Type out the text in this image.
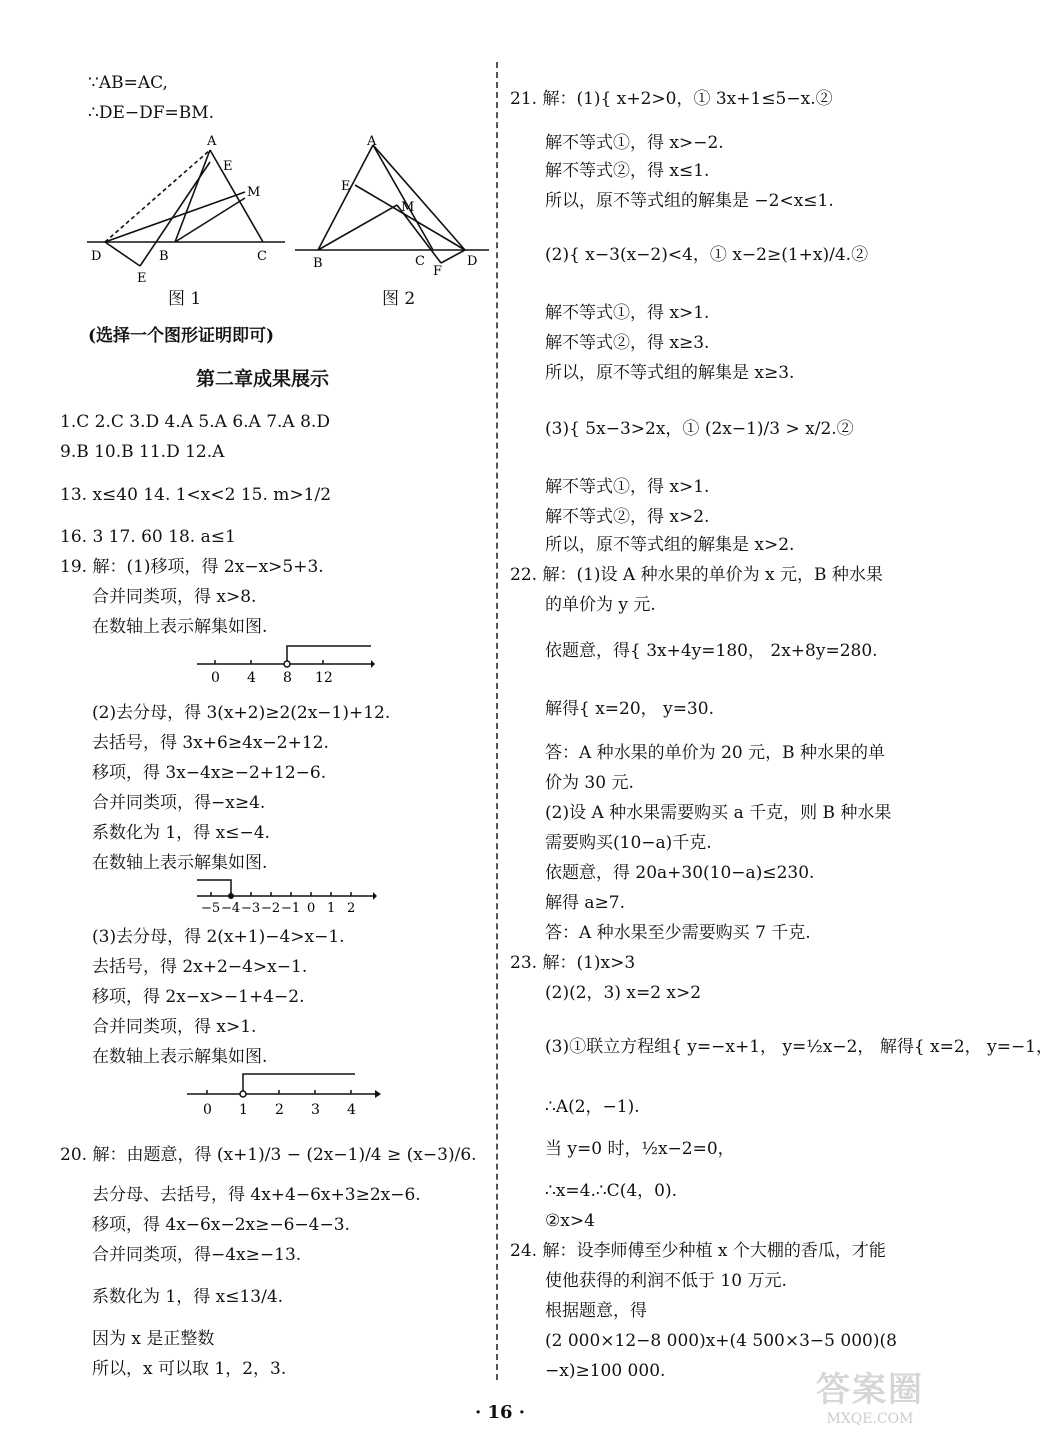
∵AB=AC,
∴DE−DF=BM.
A
E
M
D	B	C
E
图 1
A
E
M
B	C
F
D
图 2
(选择一个图形证明即可)
第二章成果展示
1.C 2.C 3.D 4.A 5.A 6.A 7.A 8.D
9.B 10.B 11.D 12.A
13. x≤40 14. 1<x<2 15. m>1/2
16. 3 17. 60 18. a≤1
19. 解：(1)移项，得 2x−x>5+3.
合并同类项，得 x>8.
在数轴上表示解集如图.
0 4 8 12
(2)去分母，得 3(x+2)≥2(2x−1)+12.
去括号，得 3x+6≥4x−2+12.
移项，得 3x−4x≥−2+12−6.
合并同类项，得−x≥4.
系数化为 1，得 x≤−4.
在数轴上表示解集如图.
−5 −4 −3 −2 −1 0 1 2
(3)去分母，得 2(x+1)−4>x−1.
去括号，得 2x+2−4>x−1.
移项，得 2x−x>−1+4−2.
合并同类项，得 x>1.
在数轴上表示解集如图.
0 1 2 3 4
20. 解：由题意，得 (x+1)/3 − (2x−1)/4 ≥ (x−3)/6.
去分母、去括号，得 4x+4−6x+3≥2x−6.
移项，得 4x−6x−2x≥−6−4−3.
合并同类项，得−4x≥−13.
系数化为 1，得 x≤13/4.
因为 x 是正整数
所以，x 可以取 1，2，3.
21. 解：(1){ x+2>0，① 3x+1≤5−x.②
解不等式①，得 x>−2.
解不等式②，得 x≤1.
所以，原不等式组的解集是 −2<x≤1.
(2){ x−3(x−2)<4，① x−2≥(1+x)/4.②
解不等式①，得 x>1.
解不等式②，得 x≥3.
所以，原不等式组的解集是 x≥3.
(3){ 5x−3>2x，① (2x−1)/3 > x/2.②
解不等式①，得 x>1.
解不等式②，得 x>2.
所以，原不等式组的解集是 x>2.
22. 解：(1)设 A 种水果的单价为 x 元，B 种水果
的单价为 y 元.
依题意，得{ 3x+4y=180， 2x+8y=280.
解得{ x=20， y=30.
答：A 种水果的单价为 20 元，B 种水果的单
价为 30 元.
(2)设 A 种水果需要购买 a 千克，则 B 种水果
需要购买(10−a)千克.
依题意，得 20a+30(10−a)≤230.
解得 a≥7.
答：A 种水果至少需要购买 7 千克.
23. 解：(1)x>3
(2)(2，3) x=2 x>2
(3)①联立方程组{ y=−x+1， y=½x−2， 解得{ x=2， y=−1，
∴A(2，−1).
当 y=0 时，½x−2=0，
∴x=4.∴C(4，0).
②x>4
24. 解：设李师傅至少种植 x 个大棚的香瓜，才能
使他获得的利润不低于 10 万元.
根据题意，得
(2 000×12−8 000)x+(4 500×3−5 000)(8
−x)≥100 000.
· 16 ·
答案圈
MXQE.COM
